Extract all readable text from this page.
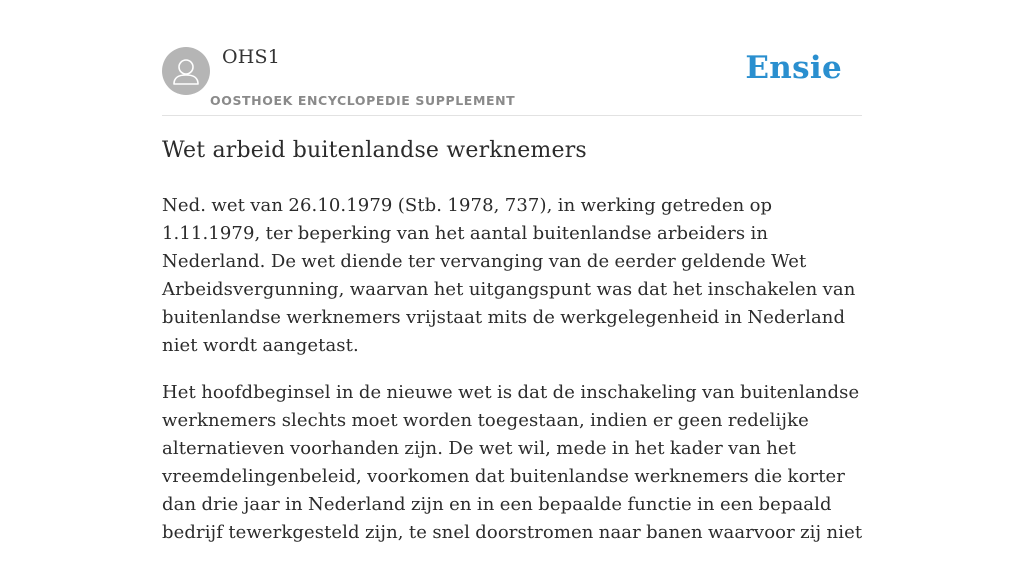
OHS1
OOSTHOEK ENCYCLOPEDIE SUPPLEMENT
Ensie
Wet arbeid buitenlandse werknemers

Ned. wet van 26.10.1979 (Stb. 1978, 737), in werking getreden op 1.11.1979, ter beperking van het aantal buitenlandse arbeiders in Nederland. De wet diende ter vervanging van de eerder geldende Wet Arbeidsvergunning, waarvan het uitgangspunt was dat het inschakelen van buitenlandse werknemers vrijstaat mits de werkgelegenheid in Nederland niet wordt aangetast.

Het hoofdbeginsel in de nieuwe wet is dat de inschakeling van buitenlandse werknemers slechts moet worden toegestaan, indien er geen redelijke alternatieven voorhanden zijn. De wet wil, mede in het kader van het vreemdelingenbeleid, voorkomen dat buitenlandse werknemers die korter dan drie jaar in Nederland zijn en in een bepaalde functie in een bepaald bedrijf tewerkgesteld zijn, te snel doorstromen naar banen waarvoor zij niet
